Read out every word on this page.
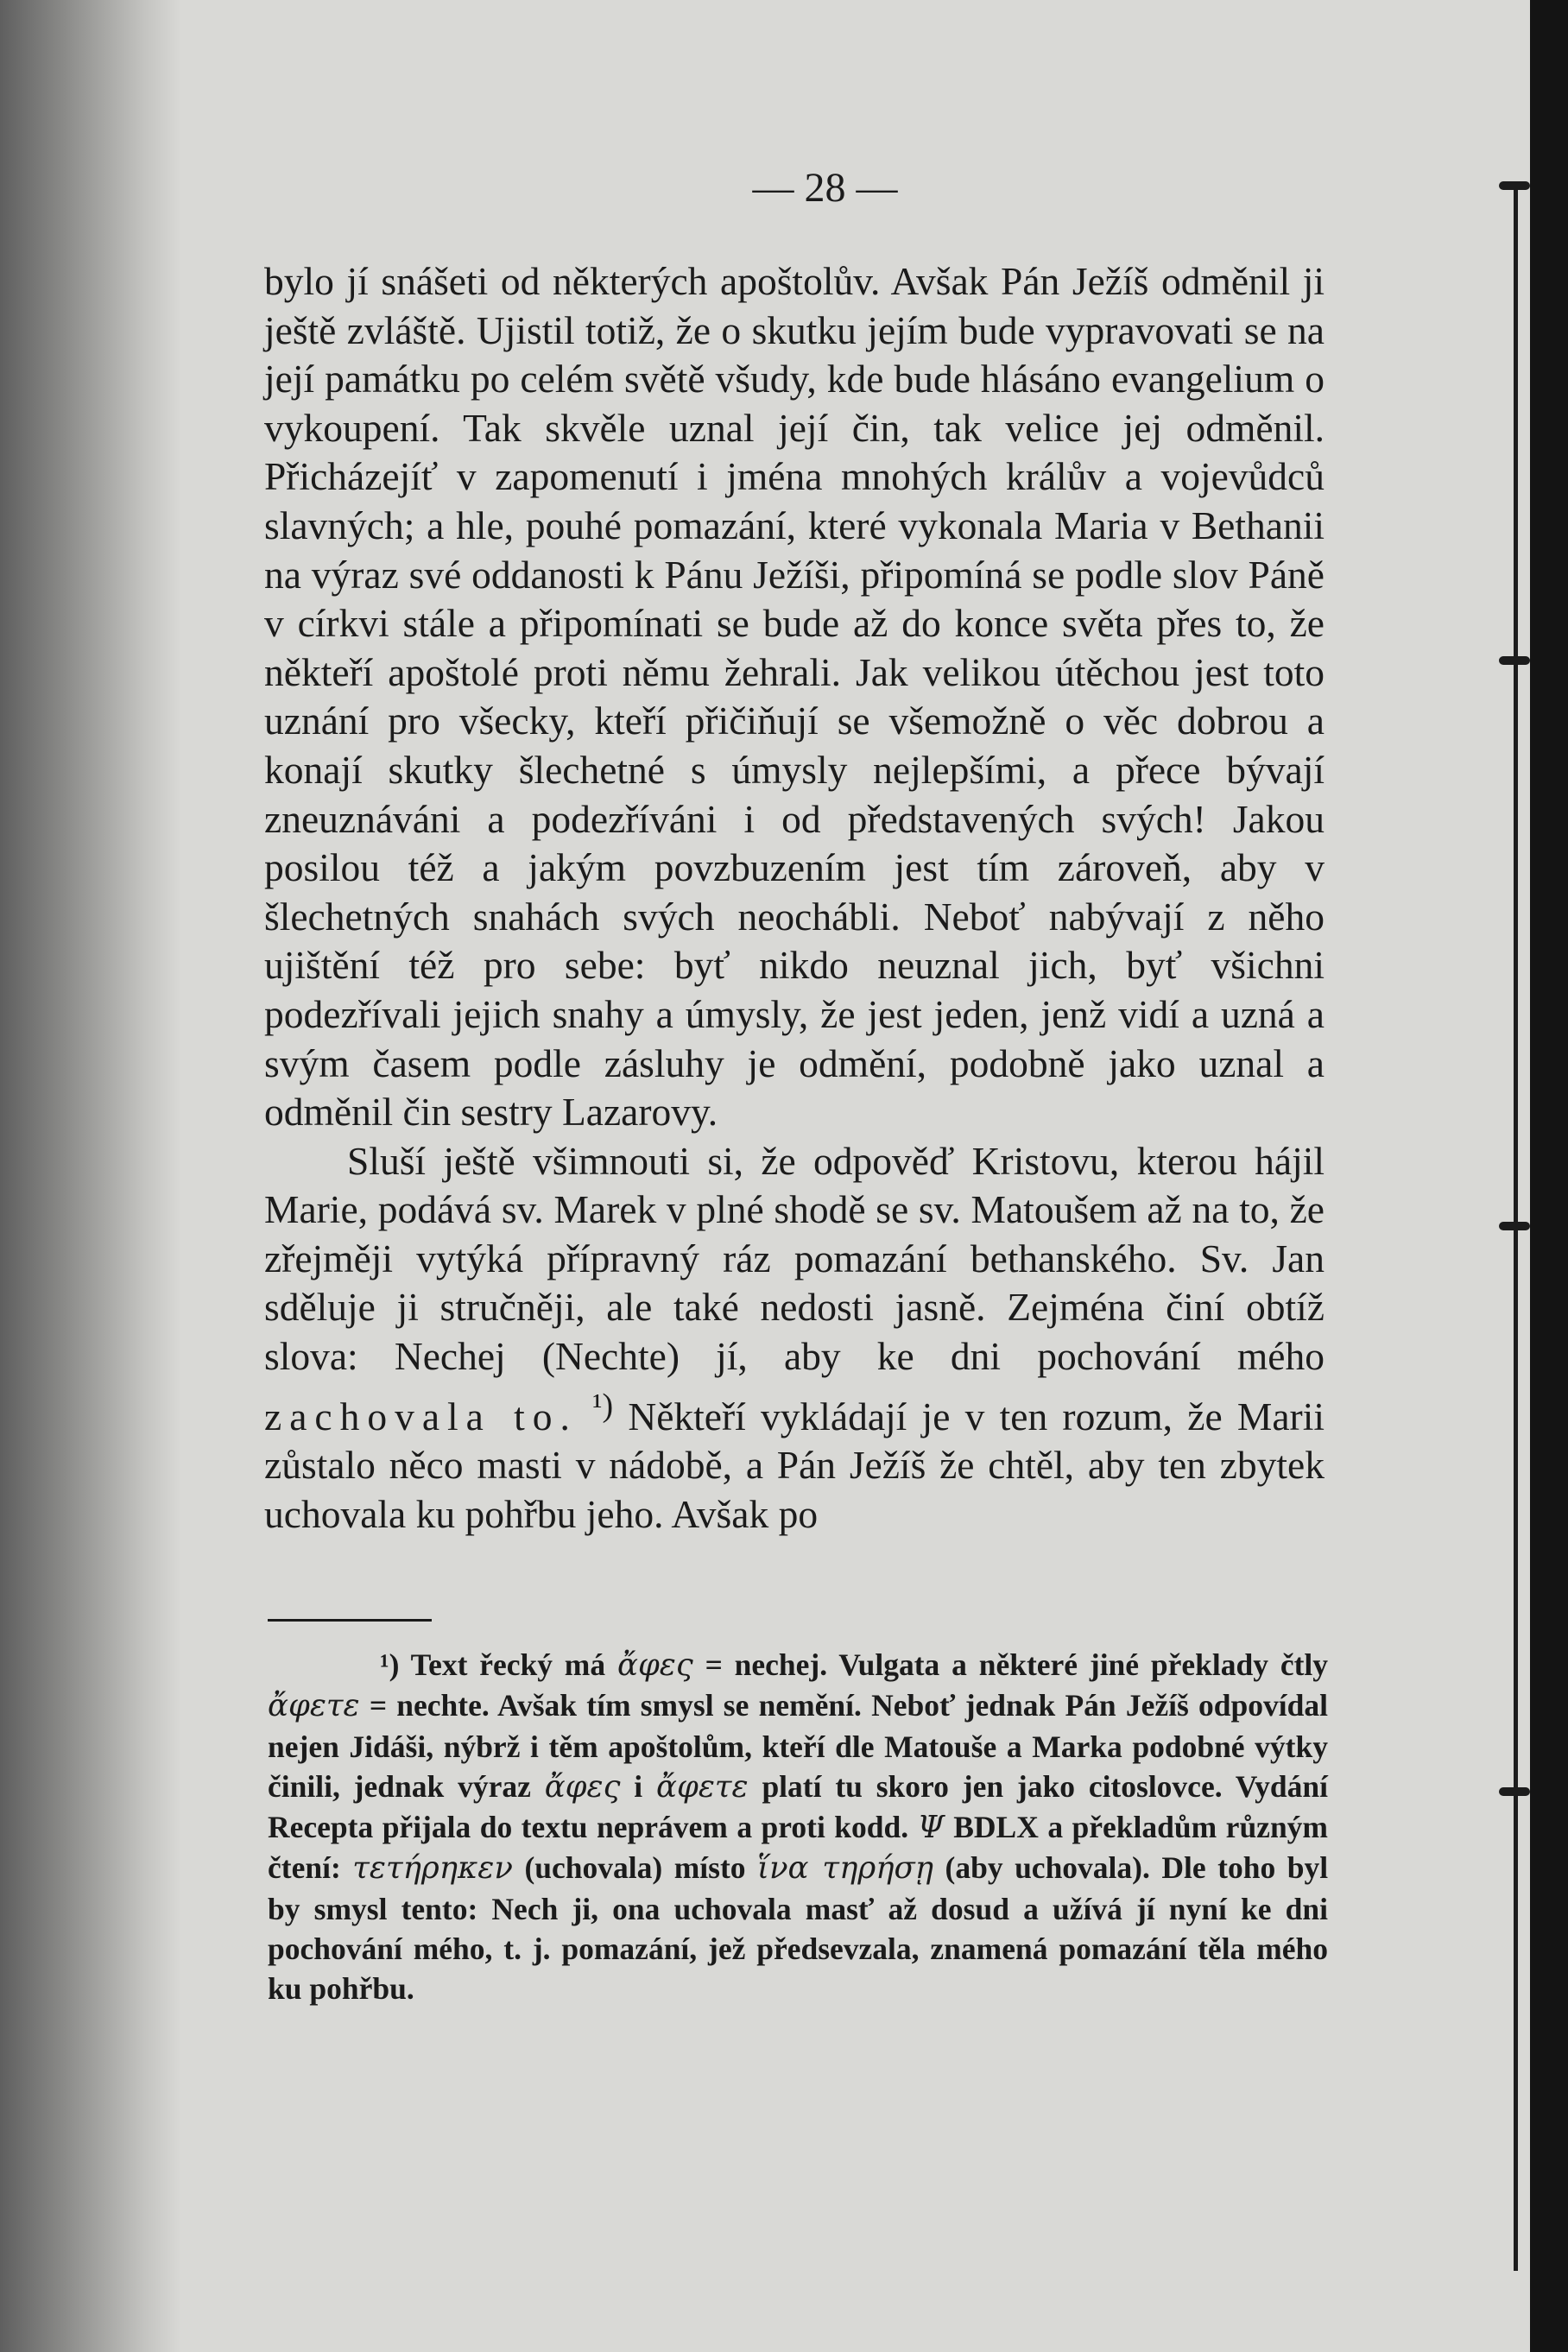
— 28 —

bylo jí snášeti od některých apoštolův. Avšak Pán Ježíš odměnil ji ještě zvláště. Ujistil totiž, že o skutku jejím bude vypravovati se na její památku po celém světě všudy, kde bude hlásáno evangelium o vykoupení. Tak skvěle uznal její čin, tak velice jej odměnil. Přicházejíť v zapomenutí i jména mnohých králův a vojevůdců slavných; a hle, pouhé pomazání, které vykonala Maria v Bethanii na výraz své oddanosti k Pánu Ježíši, připomíná se podle slov Páně v církvi stále a připomínati se bude až do konce světa přes to, že někteří apoštolé proti němu žehrali. Jak velikou útěchou jest toto uznání pro všecky, kteří přičiňují se všemožně o věc dobrou a konají skutky šlechetné s úmysly nejlepšími, a přece bývají zneuznáváni a podezříváni i od představených svých! Jakou posilou též a jakým povzbuzením jest tím zároveň, aby v šlechetných snahách svých neochábli. Neboť nabývají z něho ujištění též pro sebe: byť nikdo neuznal jich, byť všichni podezřívali jejich snahy a úmysly, že jest jeden, jenž vidí a uzná a svým časem podle zásluhy je odmění, podobně jako uznal a odměnil čin sestry Lazarovy.

Sluší ještě všimnouti si, že odpověď Kristovu, kterou hájil Marie, podává sv. Marek v plné shodě se sv. Matoušem až na to, že zřejměji vytýká přípravný ráz pomazání bethanského. Sv. Jan sděluje ji stručněji, ale také nedosti jasně. Zejména činí obtíž slova: Nechej (Nechte) jí, aby ke dni pochování mého zachovala to. $^{^1)}$ Někteří vykládají je v ten rozum, že Marii zůstalo něco masti v nádobě, a Pán Ježíš že chtěl, aby ten zbytek uchovala ku pohřbu jeho. Avšak po

¹) Text řecký má ἄφες = nechej. Vulgata a některé jiné překlady čtly ἄφετε = nechte. Avšak tím smysl se nemění. Neboť jednak Pán Ježíš odpovídal nejen Jidáši, nýbrž i těm apoštolům, kteří dle Matouše a Marka podobné výtky činili, jednak výraz ἄφες i ἄφετε platí tu skoro jen jako citoslovce. Vydání Recepta přijala do textu neprávem a proti kodd. Ψ BDLX a překladům různým čtení: τετήρηκεν (uchovala) místo ἵνα τηρήσῃ (aby uchovala). Dle toho byl by smysl tento: Nech ji, ona uchovala masť až dosud a užívá jí nyní ke dni pochování mého, t. j. pomazání, jež předsevzala, znamená pomazání těla mého ku pohřbu.
